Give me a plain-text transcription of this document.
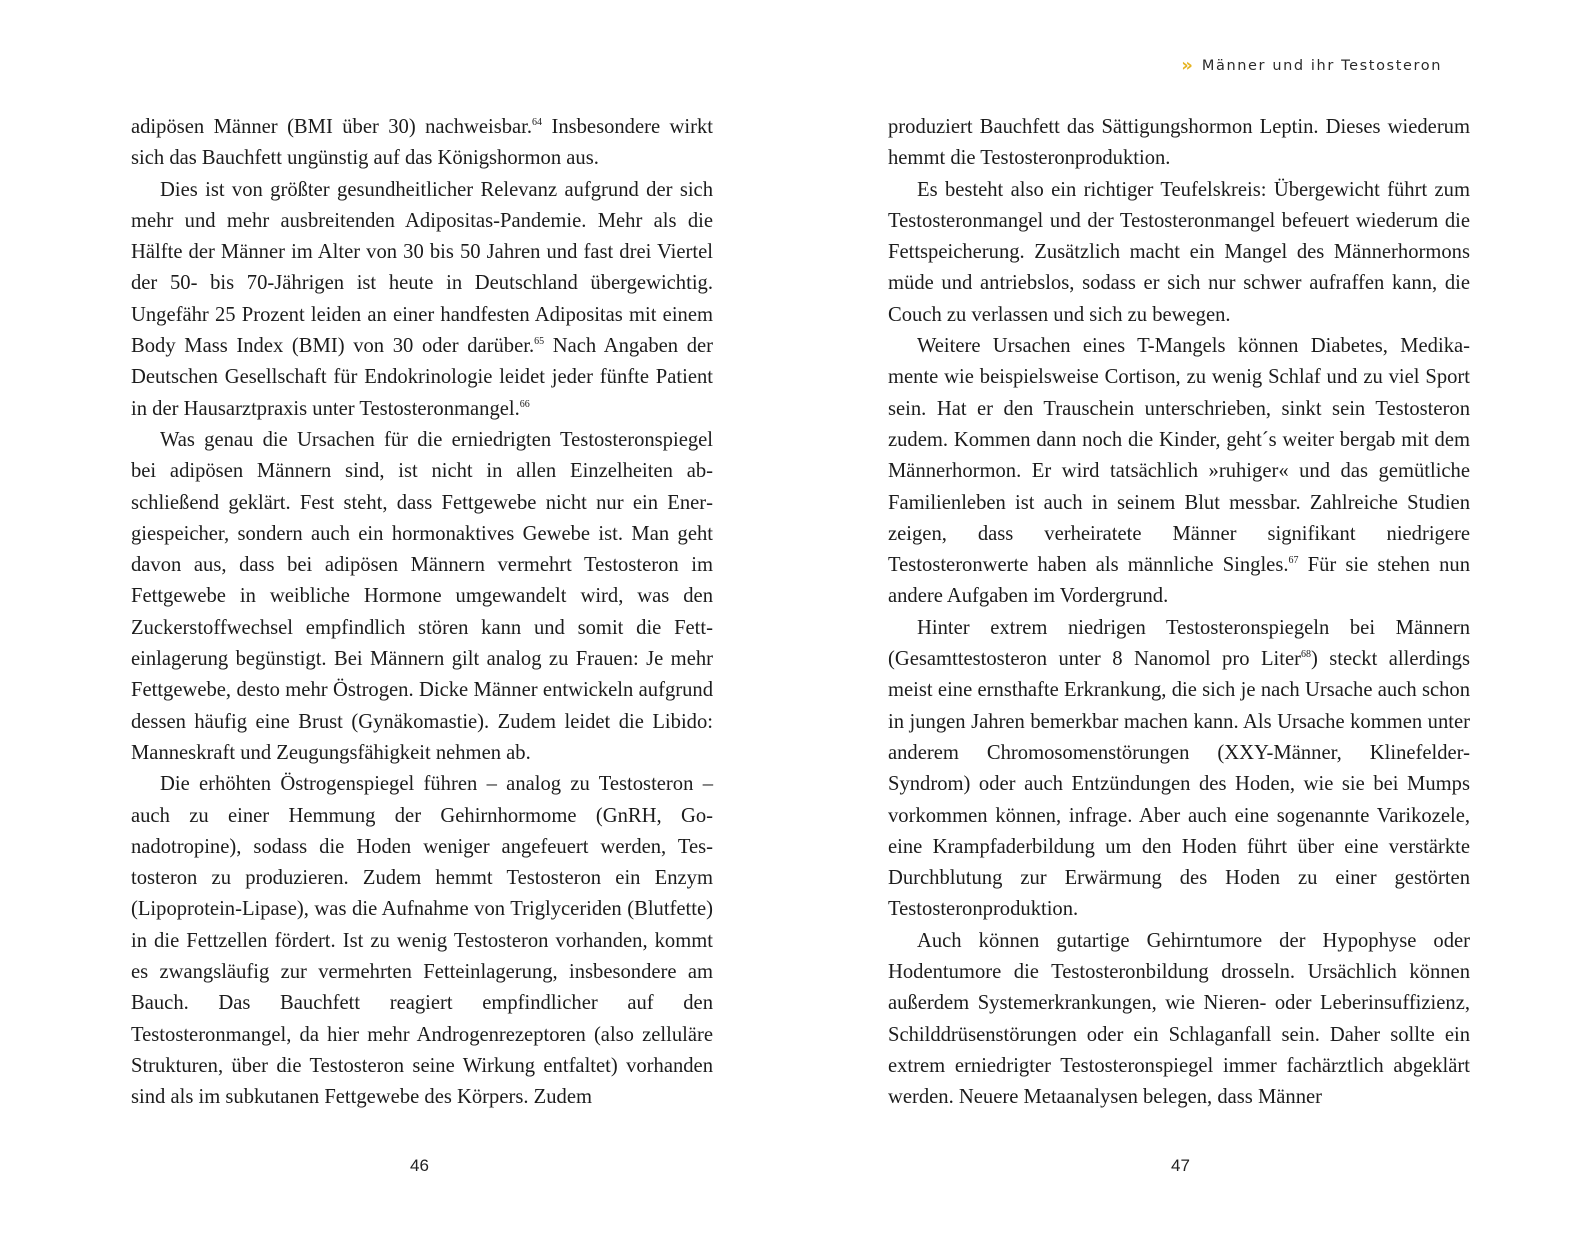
adipösen Männer (BMI über 30) nachweisbar.$^{64}$ Insbesondere wirkt sich das Bauchfett ungünstig auf das Königshormon aus.

Dies ist von größter gesundheitlicher Relevanz aufgrund der sich mehr und mehr ausbreitenden Adipositas-Pandemie. Mehr als die Hälfte der Männer im Alter von 30 bis 50 Jahren und fast drei Viertel der 50- bis 70-Jährigen ist heute in Deutschland übergewichtig. Ungefähr 25 Prozent leiden an einer handfesten Adipositas mit einem Body Mass Index (BMI) von 30 oder darüber.$^{65}$ Nach Angaben der Deutschen Gesellschaft für Endokrinologie leidet jeder fünfte Patient in der Hausarztpraxis unter Testosteronmangel.$^{66}$

Was genau die Ursachen für die erniedrigten Testosteronspiegel bei adipösen Männern sind, ist nicht in allen Einzelheiten abschließend geklärt. Fest steht, dass Fettgewebe nicht nur ein Energiespeicher, sondern auch ein hormonaktives Gewebe ist. Man geht davon aus, dass bei adipösen Männern vermehrt Testosteron im Fettgewebe in weibliche Hormone umgewandelt wird, was den Zuckerstoffwechsel empfindlich stören kann und somit die Fetteinlagerung begünstigt. Bei Männern gilt analog zu Frauen: Je mehr Fettgewebe, desto mehr Östrogen. Dicke Männer entwickeln aufgrund dessen häufig eine Brust (Gynäkomastie). Zudem leidet die Libido: Manneskraft und Zeugungsfähigkeit nehmen ab.

Die erhöhten Östrogenspiegel führen – analog zu Testosteron – auch zu einer Hemmung der Gehirnhormome (GnRH, Gonadotropine), sodass die Hoden weniger angefeuert werden, Testosteron zu produzieren. Zudem hemmt Testosteron ein Enzym (Lipoprotein-Lipase), was die Aufnahme von Triglyceriden (Blutfette) in die Fettzellen fördert. Ist zu wenig Testosteron vorhanden, kommt es zwangsläufig zur vermehrten Fetteinlagerung, insbesondere am Bauch. Das Bauchfett reagiert empfindlicher auf den Testosteronmangel, da hier mehr Androgenrezeptoren (also zelluläre Strukturen, über die Testosteron seine Wirkung entfaltet) vorhanden sind als im subkutanen Fettgewebe des Körpers. Zudem

46
» Männer und ihr Testosteron

produziert Bauchfett das Sättigungshormon Leptin. Dieses wiederum hemmt die Testosteronproduktion.

Es besteht also ein richtiger Teufelskreis: Übergewicht führt zum Testosteronmangel und der Testosteronmangel befeuert wiederum die Fettspeicherung. Zusätzlich macht ein Mangel des Männerhormons müde und antriebslos, sodass er sich nur schwer aufraffen kann, die Couch zu verlassen und sich zu bewegen.

Weitere Ursachen eines T-Mangels können Diabetes, Medikamente wie beispielsweise Cortison, zu wenig Schlaf und zu viel Sport sein. Hat er den Trauschein unterschrieben, sinkt sein Testosteron zudem. Kommen dann noch die Kinder, geht´s weiter bergab mit dem Männerhormon. Er wird tatsächlich »ruhiger« und das gemütliche Familienleben ist auch in seinem Blut messbar. Zahlreiche Studien zeigen, dass verheiratete Männer signifikant niedrigere Testosteronwerte haben als männliche Singles.$^{67}$ Für sie stehen nun andere Aufgaben im Vordergrund.

Hinter extrem niedrigen Testosteronspiegeln bei Männern (Gesamttestosteron unter 8 Nanomol pro Liter$^{68}$) steckt allerdings meist eine ernsthafte Erkrankung, die sich je nach Ursache auch schon in jungen Jahren bemerkbar machen kann. Als Ursache kommen unter anderem Chromosomenstörungen (XXY-Männer, Klinefelder-Syndrom) oder auch Entzündungen des Hoden, wie sie bei Mumps vorkommen können, infrage. Aber auch eine sogenannte Varikozele, eine Krampfaderbildung um den Hoden führt über eine verstärkte Durchblutung zur Erwärmung des Hoden zu einer gestörten Testosteronproduktion.

Auch können gutartige Gehirntumore der Hypophyse oder Hodentumore die Testosteronbildung drosseln. Ursächlich können außerdem Systemerkrankungen, wie Nieren- oder Leberinsuffizienz, Schilddrüsenstörungen oder ein Schlaganfall sein. Daher sollte ein extrem erniedrigter Testosteronspiegel immer fachärztlich abgeklärt werden. Neuere Metaanalysen belegen, dass Männer

47
